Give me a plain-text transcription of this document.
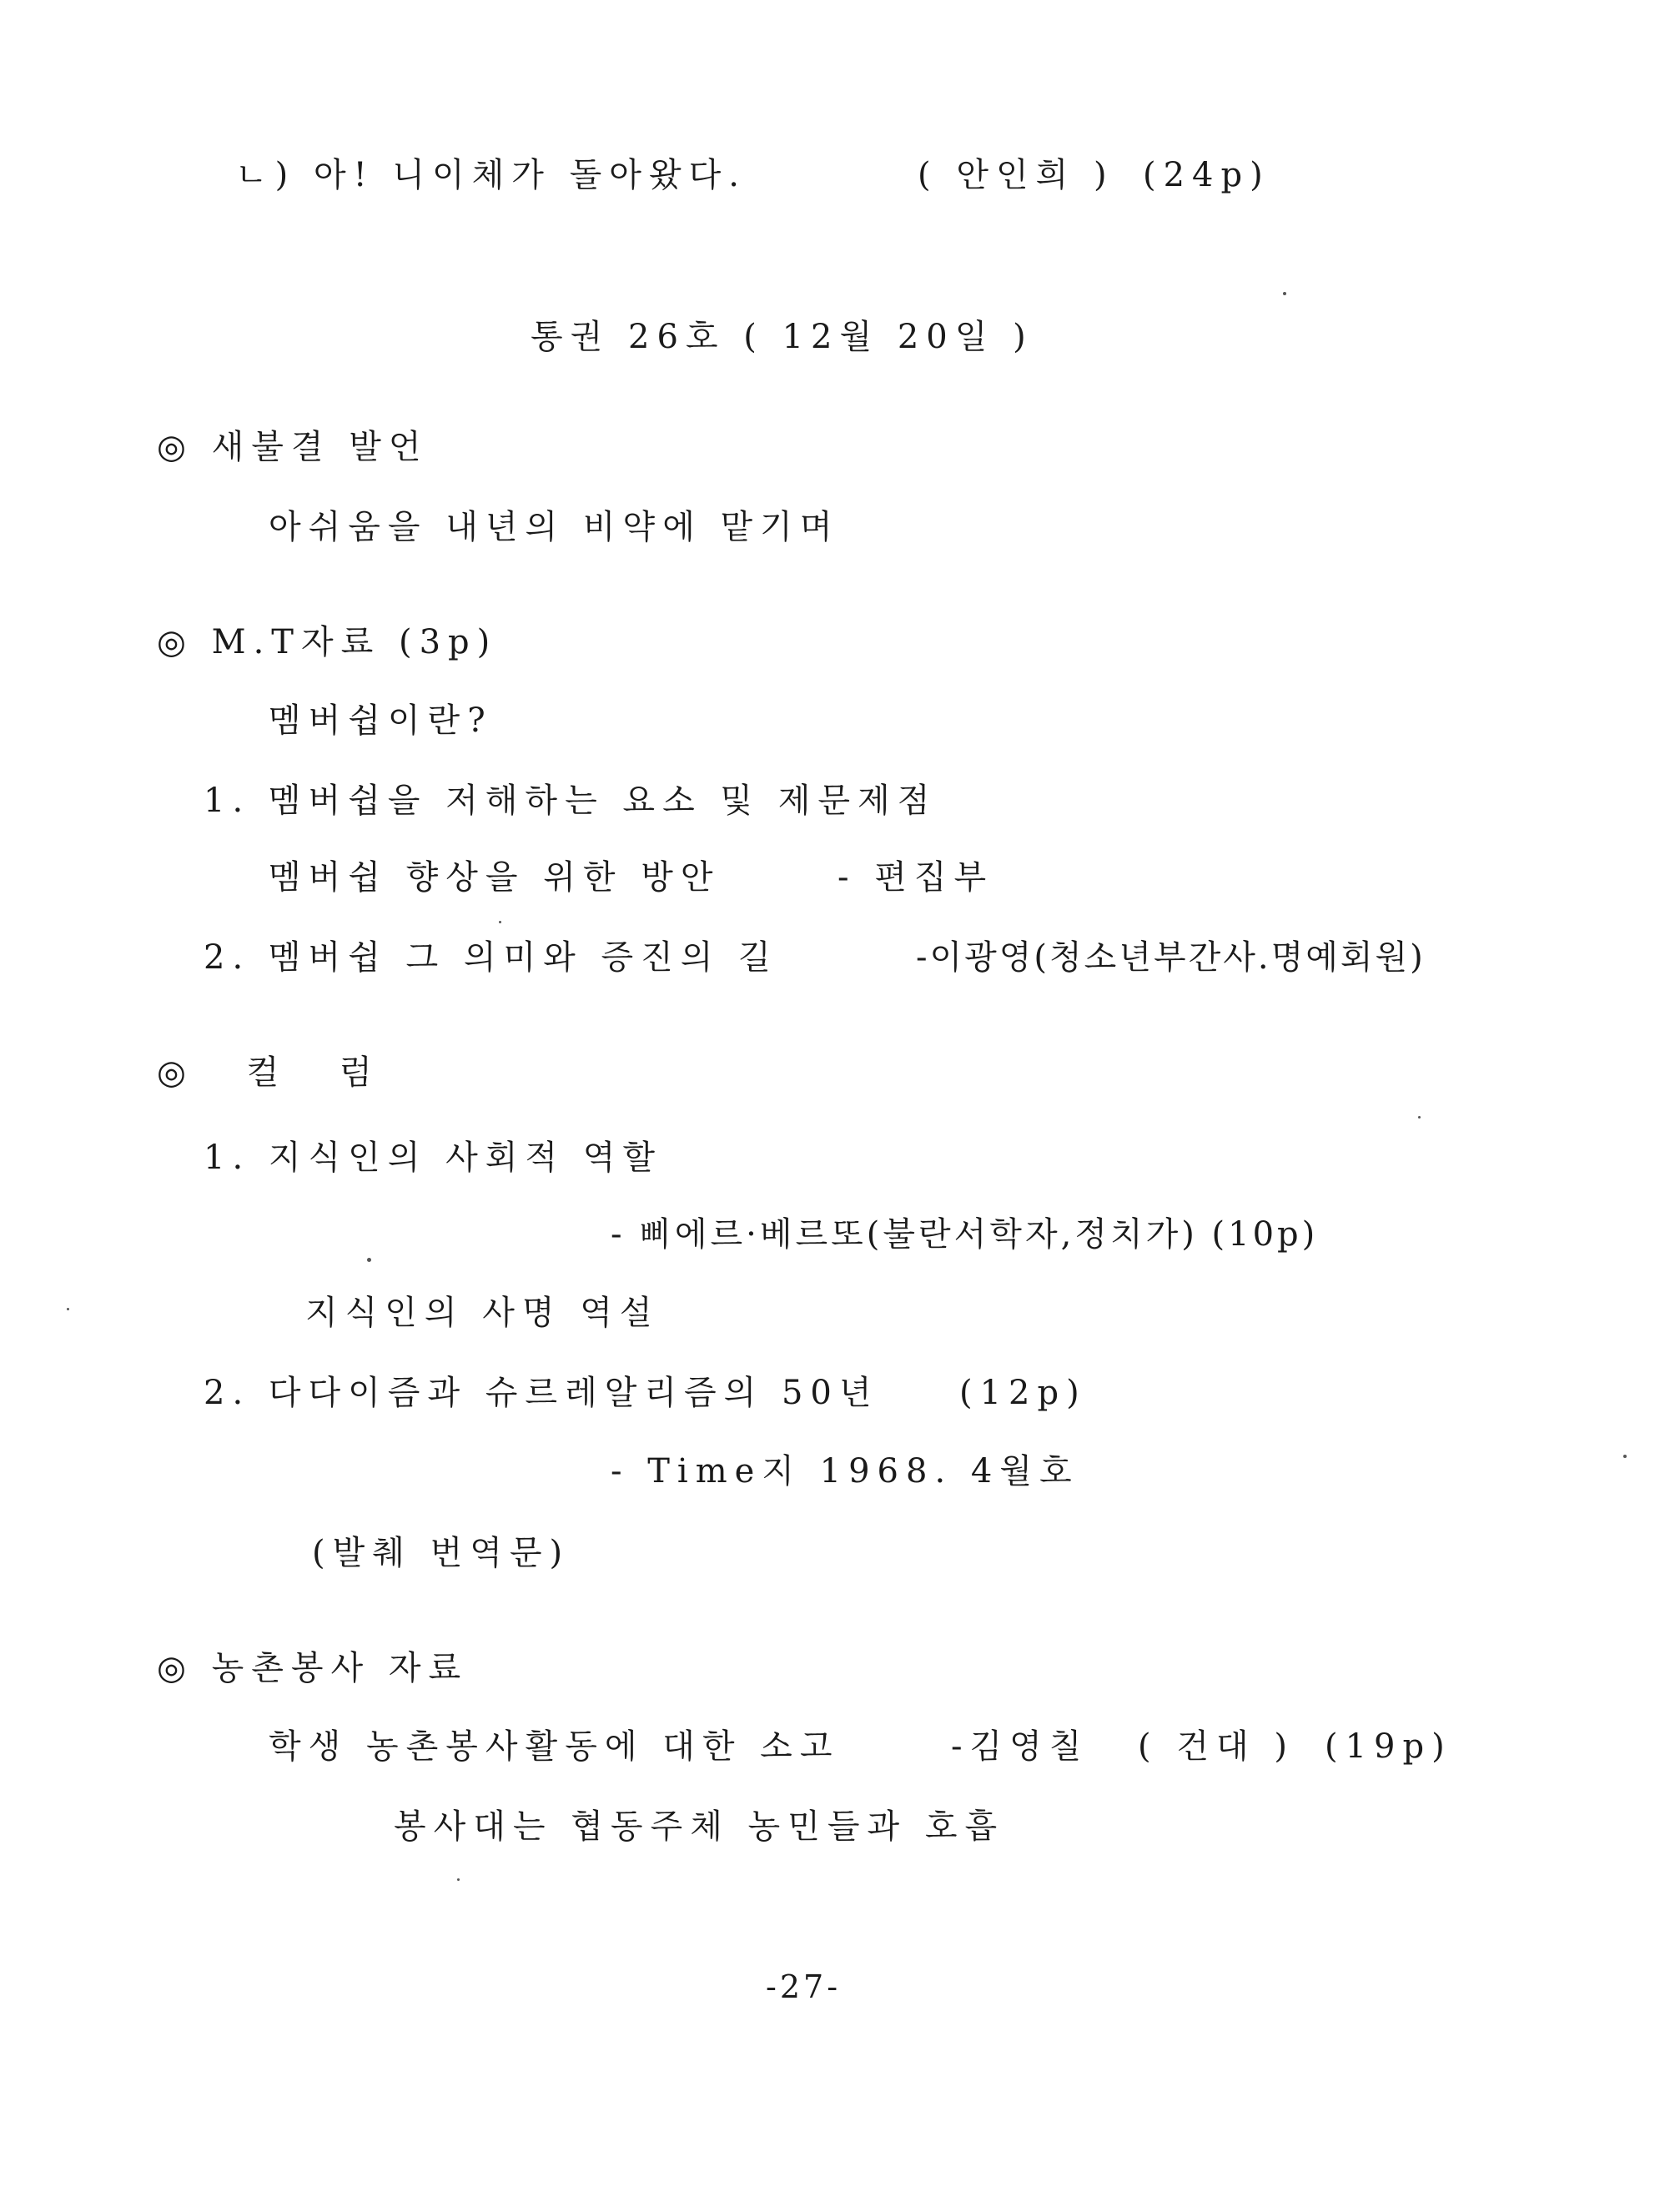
ㄴ) 아! 니이체가 돌아왔다.	( 안인희 ) (24p)
통권 26호 ( 12월 20일 )
◎ 새불결 발언
아쉬움을 내년의 비약에 맡기며
◎ M.T자료 (3p)
멤버쉽이란?
1. 멤버쉽을 저해하는 요소 및 제문제점
멤버쉽 향상을 위한 방안	- 편집부
2. 멤버쉽 그 의미와 증진의 길	-이광영(청소년부간사.명예회원)
◎ 컬 럼
1. 지식인의 사회적 역할
- 삐에르·베르또(불란서학자,정치가) (10p)
지식인의 사명 역설
2. 다다이즘과 슈르레알리즘의 50년 (12p)
- Time지 1968. 4월호
(발췌 번역문)
◎ 농촌봉사 자료
학생 농촌봉사활동에 대한 소고	-김영칠 ( 건대 ) (19p)
봉사대는 협동주체 농민들과 호흡
-27-
